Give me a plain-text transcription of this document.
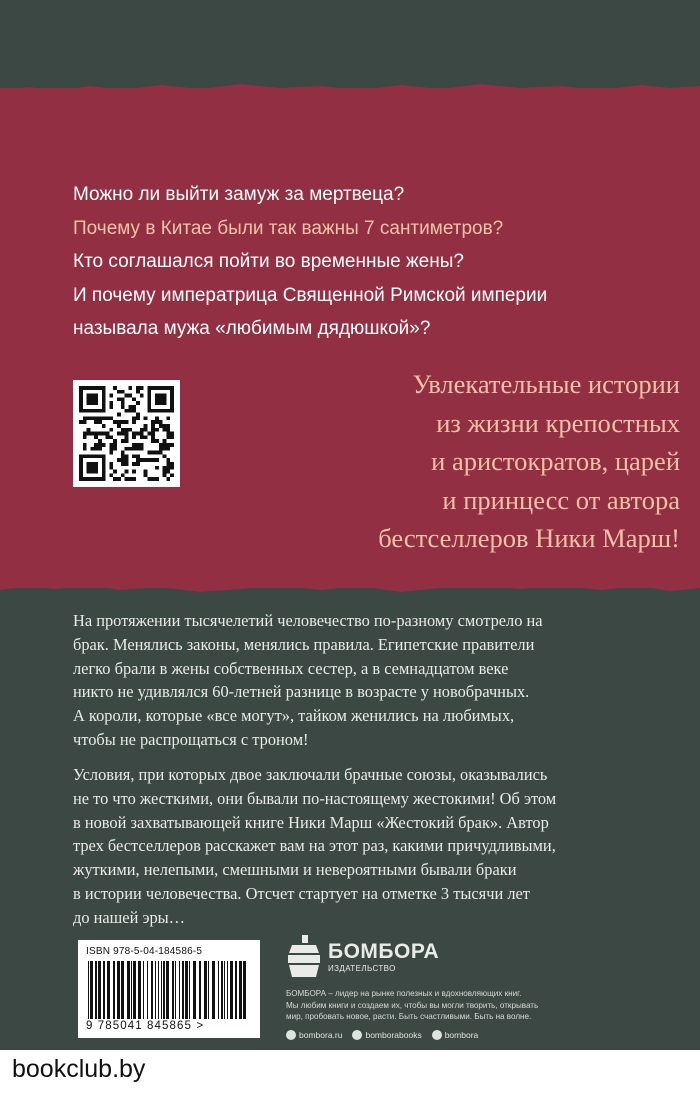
Можно ли выйти замуж за мертвеца?
Почему в Китае были так важны 7 сантиметров?
Кто соглашался пойти во временные жены?
И почему императрица Священной Римской империи
называла мужа «любимым дядюшкой»?
Увлекательные истории
из жизни крепостных
и аристократов, царей
и принцесс от автора
бестселлеров Ники Марш!
На протяжении тысячелетий человечество по-разному смотрело на
брак. Менялись законы, менялись правила. Египетские правители
легко брали в жены собственных сестер, а в семнадцатом веке
никто не удивлялся 60-летней разнице в возрасте у новобрачных.
А короли, которые «все могут», тайком женились на любимых,
чтобы не распрощаться с троном!
Условия, при которых двое заключали брачные союзы, оказывались
не то что жесткими, они бывали по-настоящему жестокими! Об этом
в новой захватывающей книге Ники Марш «Жестокий брак». Автор
трех бестселлеров расскажет вам на этот раз, какими причудливыми,
жуткими, нелепыми, смешными и невероятными бывали браки
в истории человечества. Отсчет стартует на отметке 3 тысячи лет
до нашей эры…
ISBN 978-5-04-184586-5
9 785041 845865 >
БОМБОРА
ИЗДАТЕЛЬСТВО
БОМБОРА – лидер на рынке полезных и вдохновляющих книг.
Мы любим книги и создаем их, чтобы вы могли творить, открывать
мир, пробовать новое, расти. Быть счастливыми. Быть на волне.
bombora.ru	bomborabooks	bombora
bookclub.by
